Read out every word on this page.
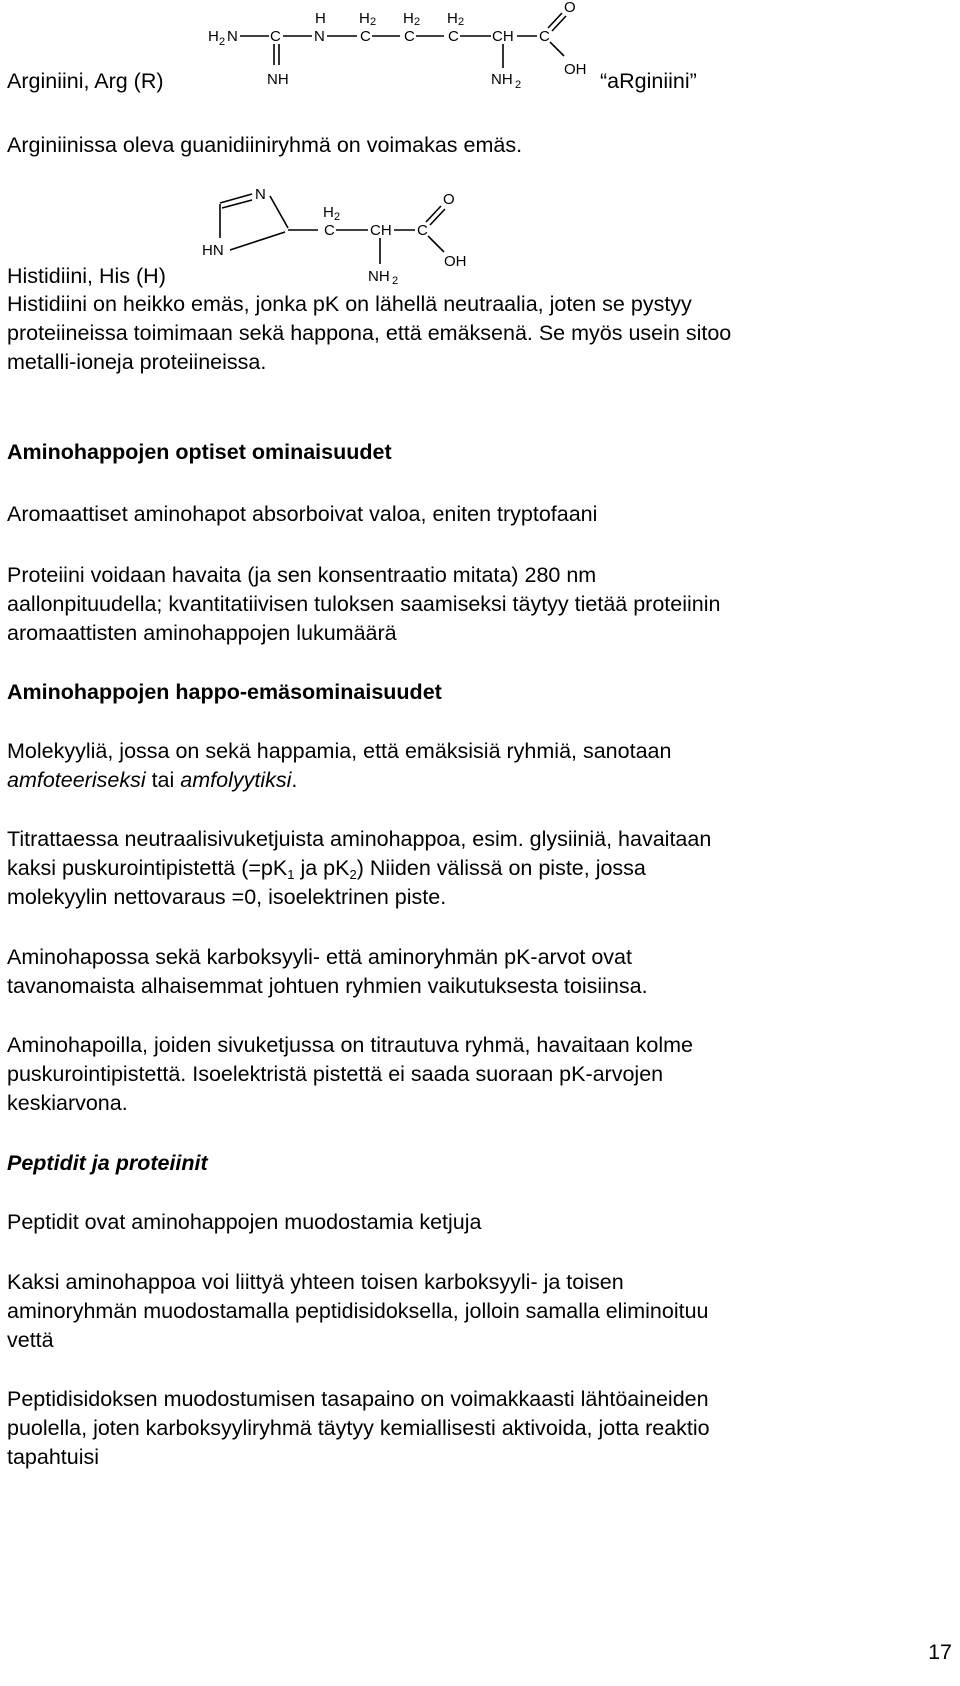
H 2 N C
NH
H
N
H 2
C
H 2
C
H 2
C CH
NH 2
C
O
OH
Arginiini, Arg (R)	“aRginiini”
Arginiinissa oleva guanidiiniryhmä on voimakas emäs.
N
HN
H 2
C CH
NH 2
C
O
OH
Histidiini, His (H)
Histidiini on heikko emäs, jonka pK on lähellä neutraalia, joten se pystyy
proteiineissa toimimaan sekä happona, että emäksenä. Se myös usein sitoo
metalli-ioneja proteiineissa.
Aminohappojen optiset ominaisuudet
Aromaattiset aminohapot absorboivat valoa, eniten tryptofaani
Proteiini voidaan havaita (ja sen konsentraatio mitata) 280 nm
aallonpituudella; kvantitatiivisen tuloksen saamiseksi täytyy tietää proteiinin
aromaattisten aminohappojen lukumäärä
Aminohappojen happo-emäsominaisuudet
Molekyyliä, jossa on sekä happamia, että emäksisiä ryhmiä, sanotaan
amfoteeriseksi tai amfolyytiksi.
Titrattaessa neutraalisivuketjuista aminohappoa, esim. glysiiniä, havaitaan
kaksi puskurointipistettä ($=pK_1$ ja $pK_2$) Niiden välissä on piste, jossa
molekyylin nettovaraus =0, isoelektrinen piste.
Aminohapossa sekä karboksyyli- että aminoryhmän pK-arvot ovat
tavanomaista alhaisemmat johtuen ryhmien vaikutuksesta toisiinsa.
Aminohapoilla, joiden sivuketjussa on titrautuva ryhmä, havaitaan kolme
puskurointipistettä. Isoelektristä pistettä ei saada suoraan pK-arvojen
keskiarvona.
Peptidit ja proteiinit
Peptidit ovat aminohappojen muodostamia ketjuja
Kaksi aminohappoa voi liittyä yhteen toisen karboksyyli- ja toisen
aminoryhmän muodostamalla peptidisidoksella, jolloin samalla eliminoituu
vettä
Peptidisidoksen muodostumisen tasapaino on voimakkaasti lähtöaineiden
puolella, joten karboksyyliryhmä täytyy kemiallisesti aktivoida, jotta reaktio
tapahtuisi
17
